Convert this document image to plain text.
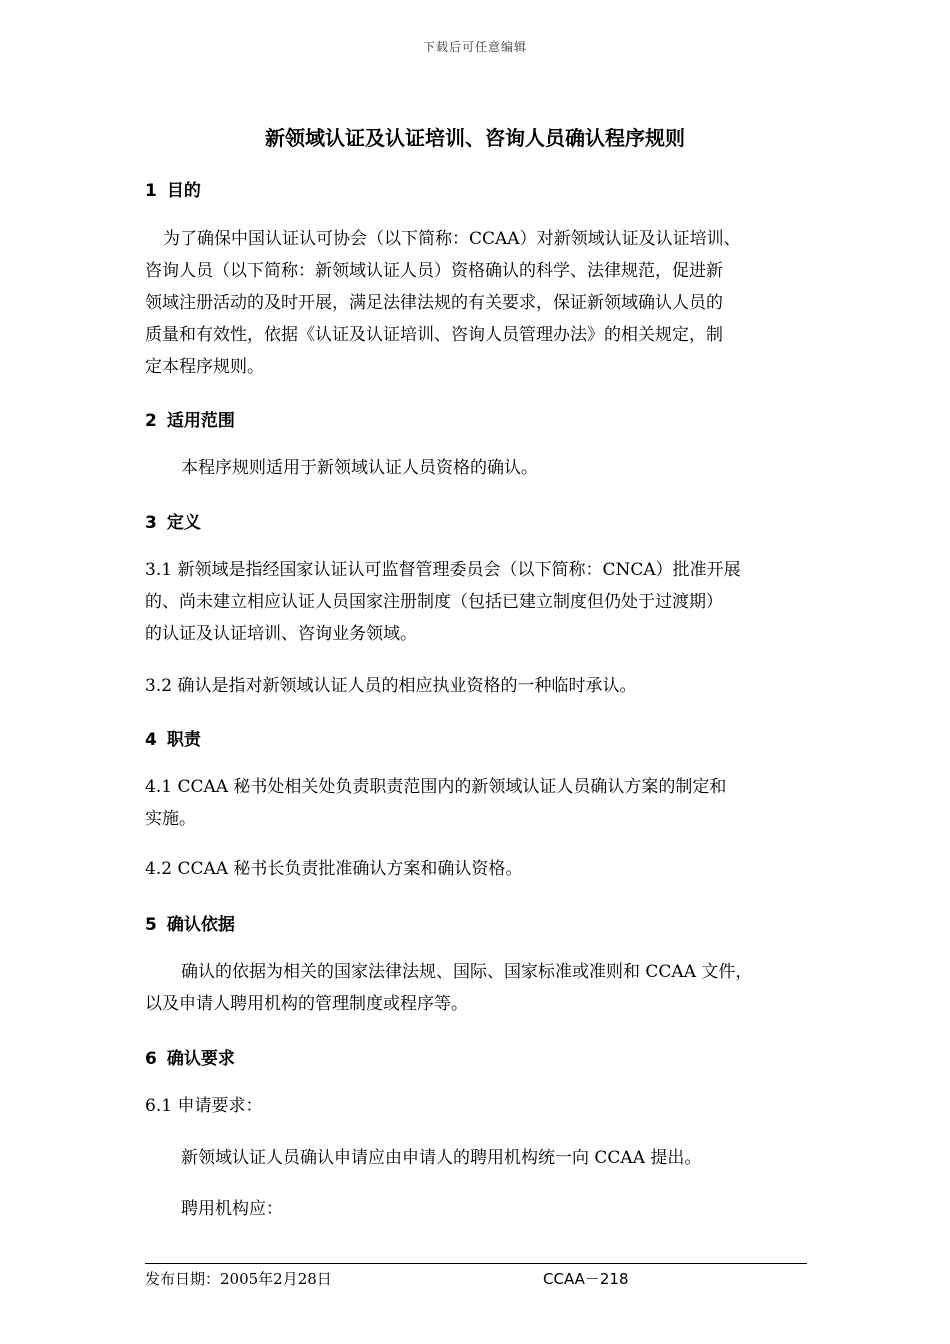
下载后可任意编辑
新领域认证及认证培训、咨询人员确认程序规则
1 目的
为了确保中国认证认可协会（以下简称：CCAA）对新领域认证及认证培训、
咨询人员（以下简称：新领域认证人员）资格确认的科学、法律规范，促进新
领域注册活动的及时开展，满足法律法规的有关要求，保证新领域确认人员的
质量和有效性，依据《认证及认证培训、咨询人员管理办法》的相关规定，制
定本程序规则。
2 适用范围
本程序规则适用于新领域认证人员资格的确认。
3 定义
3.1 新领域是指经国家认证认可监督管理委员会（以下简称：CNCA）批准开展
的、尚未建立相应认证人员国家注册制度（包括已建立制度但仍处于过渡期）
的认证及认证培训、咨询业务领域。
3.2 确认是指对新领域认证人员的相应执业资格的一种临时承认。
4 职责
4.1 CCAA 秘书处相关处负责职责范围内的新领域认证人员确认方案的制定和
实施。
4.2 CCAA 秘书长负责批准确认方案和确认资格。
5 确认依据
确认的依据为相关的国家法律法规、国际、国家标准或准则和 CCAA 文件，
以及申请人聘用机构的管理制度或程序等。
6 确认要求
6.1 申请要求：
新领域认证人员确认申请应由申请人的聘用机构统一向 CCAA 提出。
聘用机构应：
发布日期：2005年2月28日	CCAA－218
